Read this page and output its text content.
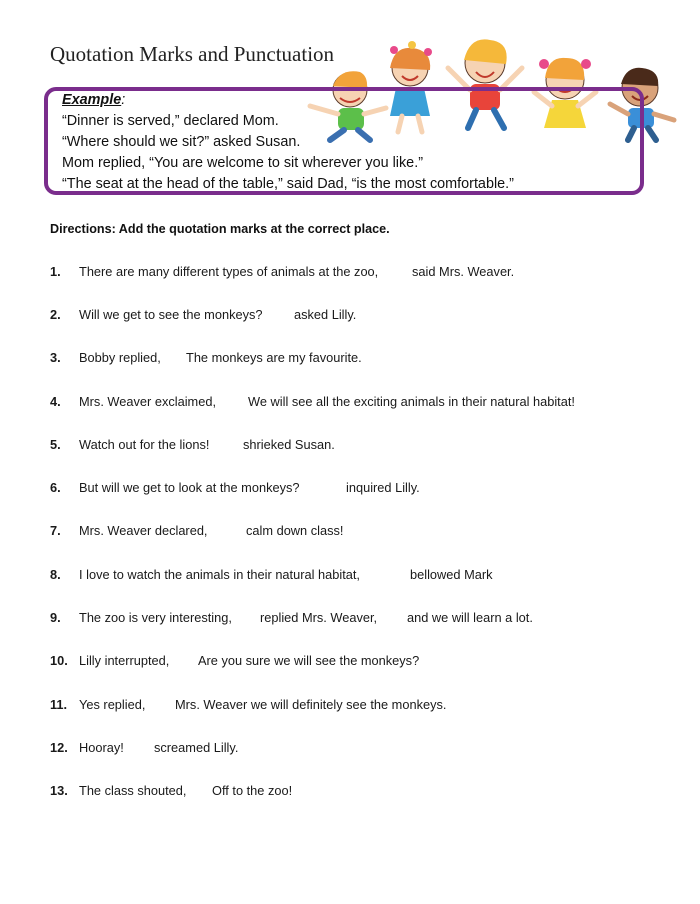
Quotation Marks and Punctuation
Example:
“Dinner is served,” declared Mom.
“Where should we sit?” asked Susan.
Mom replied, “You are welcome to sit wherever you like.”
“The seat at the head of the table,” said Dad, “is the most comfortable.”
Directions: Add the quotation marks at the correct place.
1. There are many different types of animals at the zoo,	said Mrs. Weaver.
2. Will we get to see the monkeys? asked Lilly.
3. Bobby replied, The monkeys are my favourite.
4. Mrs. Weaver exclaimed, We will see all the exciting animals in their natural habitat!
5. Watch out for the lions!	shrieked Susan.
6. But will we get to look at the monkeys?	inquired Lilly.
7. Mrs. Weaver declared,	calm down class!
8. I love to watch the animals in their natural habitat,	bellowed Mark
9. The zoo is very interesting, replied Mrs. Weaver, and we will learn a lot.
10. Lilly interrupted, Are you sure we will see the monkeys?
11. Yes replied, Mrs. Weaver we will definitely see the monkeys.
12. Hooray! screamed Lilly.
13. The class shouted, Off to the zoo!
